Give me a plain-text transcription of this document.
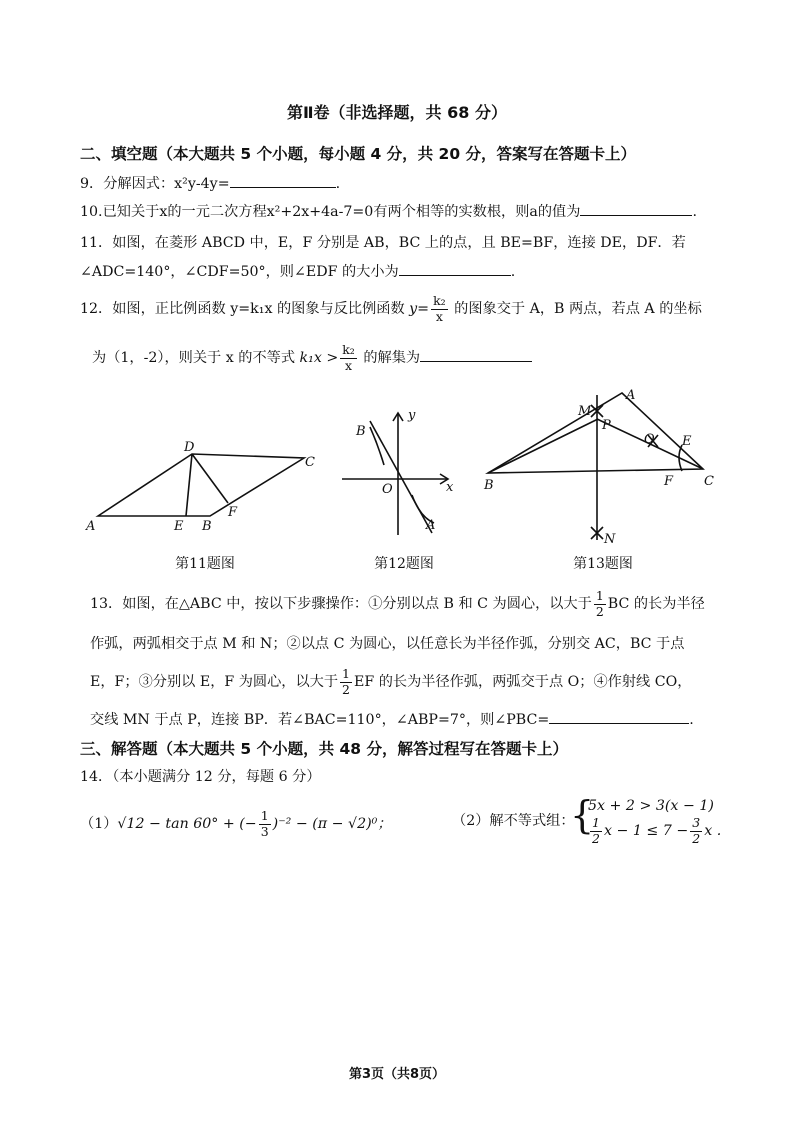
第Ⅱ卷（非选择题，共 68 分）
二、填空题（本大题共 5 个小题，每小题 4 分，共 20 分，答案写在答题卡上）
9．分解因式：x²y-4y=	.
10.已知关于x的一元二次方程x²+2x+4a-7=0有两个相等的实数根，则a的值为	.
11．如图，在菱形 ABCD 中，E，F 分别是 AB，BC 上的点，且 BE=BF，连接 DE，DF．若
∠ADC=140°，∠CDF=50°，则∠EDF 的大小为	.
12．如图，正比例函数 y=k₁x 的图象与反比例函数 $y= \frac{\text{k₂}}{x}$ 的图象交于 A，B 两点，若点 A 的坐标
为（1，-2），则关于 x 的不等式 $k_1x > \frac{\text{k₂}}{x}$ 的解集为
D
C
A	E B
F
第11题图
y
B
O	x
A
第12题图
M
A
P
O E
B	F C
N
第13题图
13．如图，在△ABC 中，按以下步骤操作：①分别以点 B 和 C 为圆心，以大于 $\frac{1}{2}$ BC 的长为半径
作弧，两弧相交于点 M 和 N；②以点 C 为圆心，以任意长为半径作弧，分别交 AC，BC 于点
E，F；③分别以 E，F 为圆心，以大于 $\frac{1}{2}$ EF 的长为半径作弧，两弧交于点 O；④作射线 CO，
交线 MN 于点 P，连接 BP．若∠BAC=110°，∠ABP=7°，则∠PBC=	.
三、解答题（本大题共 5 个小题，共 48 分，解答过程写在答题卡上）
14．（本小题满分 12 分，每题 6 分）
（1）√12 − tan 60° + (− $\frac{1}{3} )^{-2} - (\pi - √2)^0$；	（2）解不等式组：
{
5x + 2 > 3(x − 1)
$\frac{1}{2}$ $x - 1 \le 7 - \frac{3}{2}$ x .
第3页（共8页）
